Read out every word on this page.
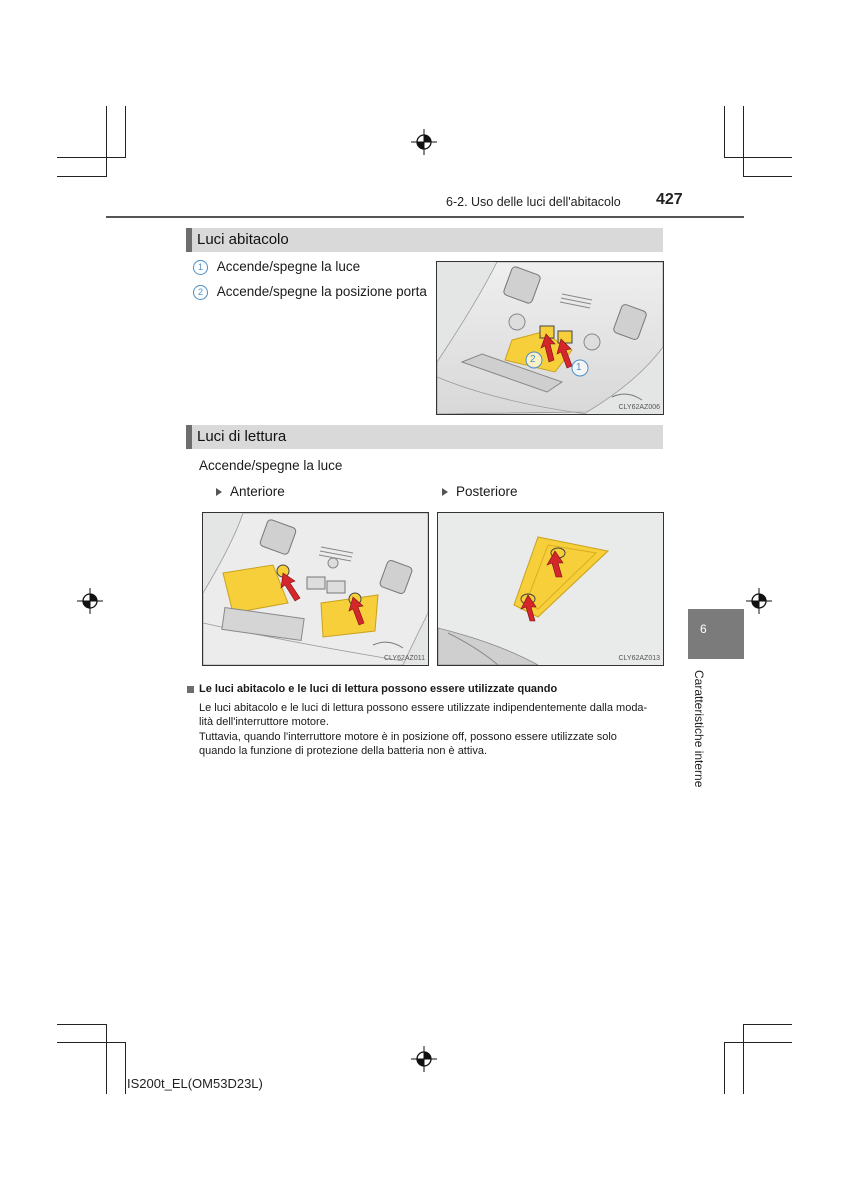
6-2. Uso delle luci dell'abitacolo 427
Luci abitacolo
1 Accende/spegne la luce
2 Accende/spegne la posizione porta
2
1
CLY62AZ006
Luci di lettura
Accende/spegne la luce
Anteriore	Posteriore
CLY62AZ011	CLY62AZ013
Le luci abitacolo e le luci di lettura possono essere utilizzate quando
Le luci abitacolo e le luci di lettura possono essere utilizzate indipendentemente dalla moda-
lità dell'interruttore motore.
Tuttavia, quando l'interruttore motore è in posizione off, possono essere utilizzate solo
quando la funzione di protezione della batteria non è attiva.
6
Caratteristiche interne
IS200t_EL(OM53D23L)
